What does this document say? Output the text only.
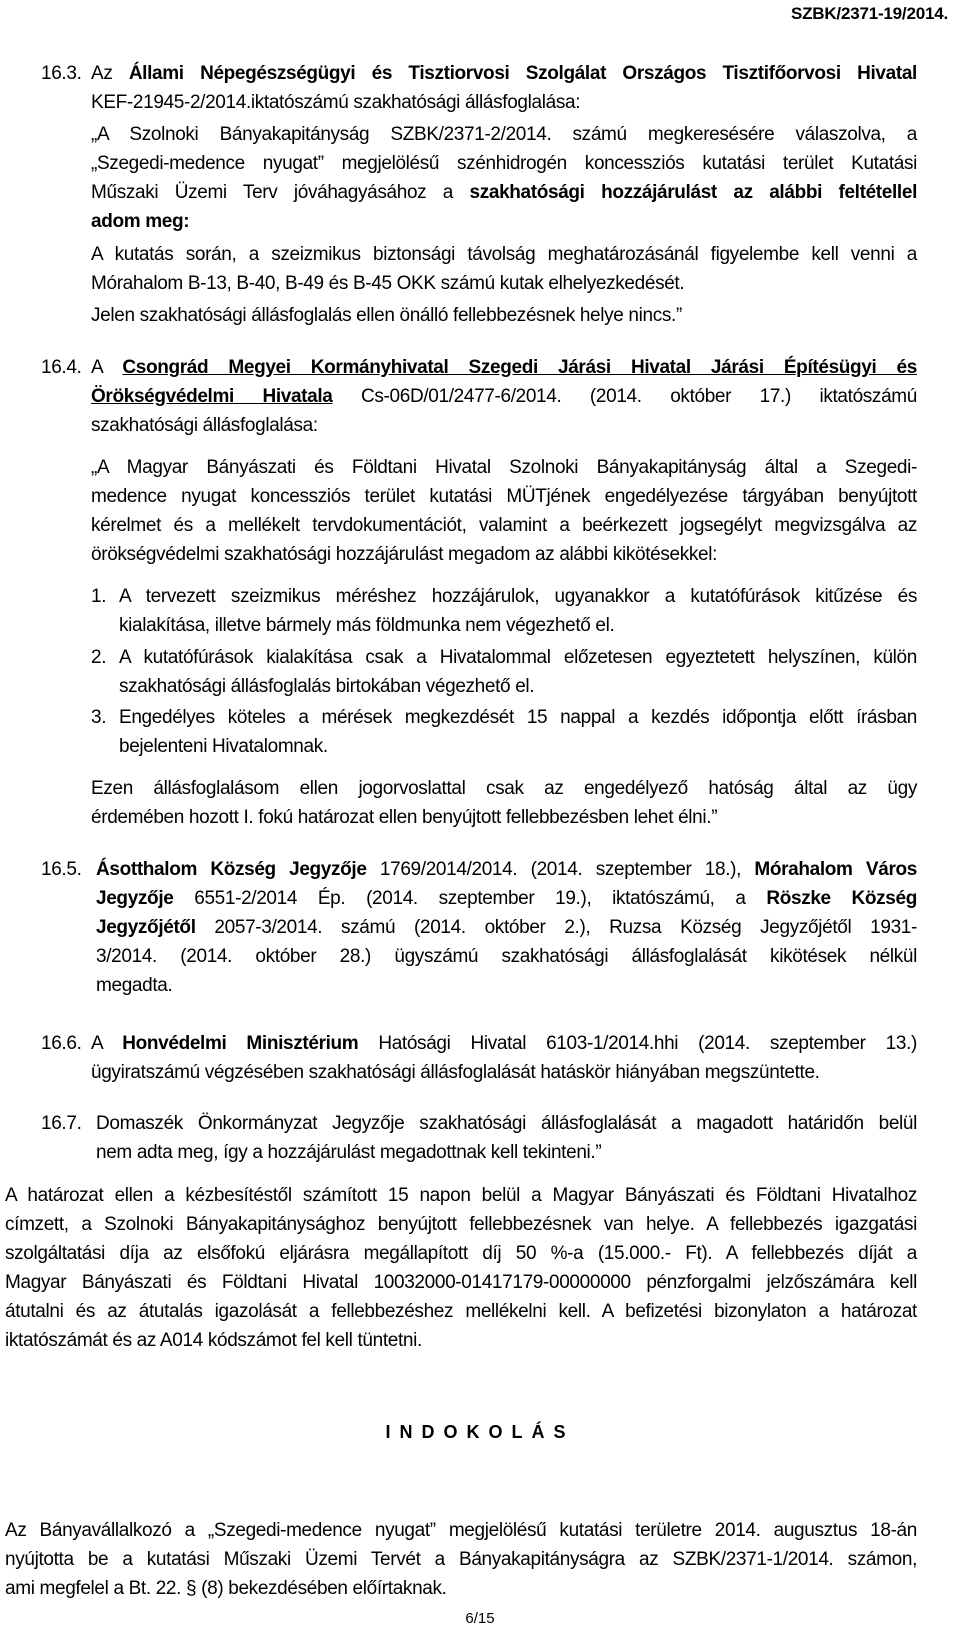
SZBK/2371-19/2014.
16.3. Az Állami Népegészségügyi és Tisztiorvosi Szolgálat Országos Tisztifőorvosi Hivatal
KEF-21945-2/2014.iktatószámú szakhatósági állásfoglalása:
„A Szolnoki Bányakapitányság SZBK/2371-2/2014. számú megkeresésére válaszolva, a
„Szegedi-medence nyugat” megjelölésű szénhidrogén koncessziós kutatási terület Kutatási
Műszaki Üzemi Terv jóváhagyásához a szakhatósági hozzájárulást az alábbi feltétellel
adom meg:
A kutatás során, a szeizmikus biztonsági távolság meghatározásánál figyelembe kell venni a
Mórahalom B-13, B-40, B-49 és B-45 OKK számú kutak elhelyezkedését.
Jelen szakhatósági állásfoglalás ellen önálló fellebbezésnek helye nincs.”
16.4. A Csongrád Megyei Kormányhivatal Szegedi Járási Hivatal Járási Építésügyi és
Örökségvédelmi Hivatala Cs-06D/01/2477-6/2014. (2014. október 17.) iktatószámú
szakhatósági állásfoglalása:
„A Magyar Bányászati és Földtani Hivatal Szolnoki Bányakapitányság által a Szegedi-
medence nyugat koncessziós terület kutatási MÜTjének engedélyezése tárgyában benyújtott
kérelmet és a mellékelt tervdokumentációt, valamint a beérkezett jogsegélyt megvizsgálva az
örökségvédelmi szakhatósági hozzájárulást megadom az alábbi kikötésekkel:
1. A tervezett szeizmikus méréshez hozzájárulok, ugyanakkor a kutatófúrások kitűzése és
kialakítása, illetve bármely más földmunka nem végezhető el.
2. A kutatófúrások kialakítása csak a Hivatalommal előzetesen egyeztetett helyszínen, külön
szakhatósági állásfoglalás birtokában végezhető el.
3. Engedélyes köteles a mérések megkezdését 15 nappal a kezdés időpontja előtt írásban
bejelenteni Hivatalomnak.
Ezen állásfoglalásom ellen jogorvoslattal csak az engedélyező hatóság által az ügy
érdemében hozott I. fokú határozat ellen benyújtott fellebbezésben lehet élni.”
16.5. Ásotthalom Község Jegyzője 1769/2014/2014. (2014. szeptember 18.), Mórahalom Város
Jegyzője 6551-2/2014 Ép. (2014. szeptember 19.), iktatószámú, a Röszke Község
Jegyzőjétől 2057-3/2014. számú (2014. október 2.), Ruzsa Község Jegyzőjétől 1931-
3/2014. (2014. október 28.) ügyszámú szakhatósági állásfoglalását kikötések nélkül
megadta.
16.6. A Honvédelmi Minisztérium Hatósági Hivatal 6103-1/2014.hhi (2014. szeptember 13.)
ügyiratszámú végzésében szakhatósági állásfoglalását hatáskör hiányában megszüntette.
16.7. Domaszék Önkormányzat Jegyzője szakhatósági állásfoglalását a magadott határidőn belül
nem adta meg, így a hozzájárulást megadottnak kell tekinteni.”
A határozat ellen a kézbesítéstől számított 15 napon belül a Magyar Bányászati és Földtani Hivatalhoz
címzett, a Szolnoki Bányakapitánysághoz benyújtott fellebbezésnek van helye. A fellebbezés igazgatási
szolgáltatási díja az elsőfokú eljárásra megállapított díj 50 %-a (15.000.- Ft). A fellebbezés díját a
Magyar Bányászati és Földtani Hivatal 10032000-01417179-00000000 pénzforgalmi jelzőszámára kell
átutalni és az átutalás igazolását a fellebbezéshez mellékelni kell. A befizetési bizonylaton a határozat
iktatószámát és az A014 kódszámot fel kell tüntetni.
INDOKOLÁS
Az Bányavállalkozó a „Szegedi-medence nyugat” megjelölésű kutatási területre 2014. augusztus 18-án
nyújtotta be a kutatási Műszaki Üzemi Tervét a Bányakapitányságra az SZBK/2371-1/2014. számon,
ami megfelel a Bt. 22. § (8) bekezdésében előírtaknak.
6/15
